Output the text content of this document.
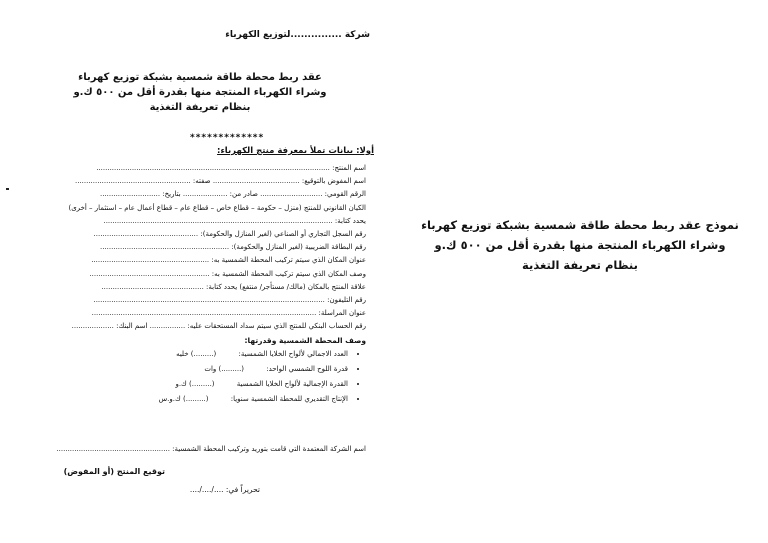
شركة ...............لتوزيع الكهرباء
عقد ربط محطة طاقة شمسية بشبكة توزيع كهرباء
وشراء الكهرباء المنتجة منها بقدرة أقل من ٥٠٠ ك.و
بنظام تعريفة التغذية
*************
أولا: بيانات تملأ بمعرفة منتج الكهرباء:
اسم المنتج: .........................................................................................................
اسم المفوض بالتوقيع: ....................................... صفته: ....................................................
الرقم القومي: ............................ صادر من: .................... بتاريخ: ...........................
الكيان القانوني للمنتج (منزل – حكومة – قطاع خاص – قطاع عام – قطاع أعمال عام – استثمار – أخرى)
يحدد كتابة: .......................................................................................................
رقم السجل التجاري أو الصناعي (لغير المنازل والحكومة): ...............................................
رقم البطاقة الضريبية (لغير المنازل والحكومة): ..........................................................
عنوان المكان الذي سيتم تركيب المحطة الشمسية به: .....................................................
وصف المكان الذي سيتم تركيب المحطة الشمسية به: ......................................................
علاقة المنتج بالمكان (مالك/ مستأجر/ منتفع) يحدد كتابة: ..............................................
رقم التليفون: ........................................................................................................
عنوان المراسلة: .....................................................................................................
رقم الحساب البنكي للمنتج الذي سيتم سداد المستحقات عليه: ................ اسم البنك: ...................
وصف المحطة الشمسية وقدرتها:
• العدد الاجمالي لألواح الخلايا الشمسية: (.........) خليه
• قدرة اللوح الشمسي الواحد: (.........) وات
• القدرة الإجمالية لألواح الخلايا الشمسية (.........) ك.و
• الإنتاج التقديري للمحطة الشمسية سنويا: (.........) ك.و.س
اسم الشركة المعتمدة التي قامت بتوريد وتركيب المحطة الشمسية: ...................................................
توقيع المنتج (أو المفوض)
تحريراً في: ..../..../....
نموذج عقد ربط محطة طاقة شمسية بشبكة توزيع كهرباء
وشراء الكهرباء المنتجة منها بقدرة أقل من ٥٠٠ ك.و
بنظام تعريفة التغذية
